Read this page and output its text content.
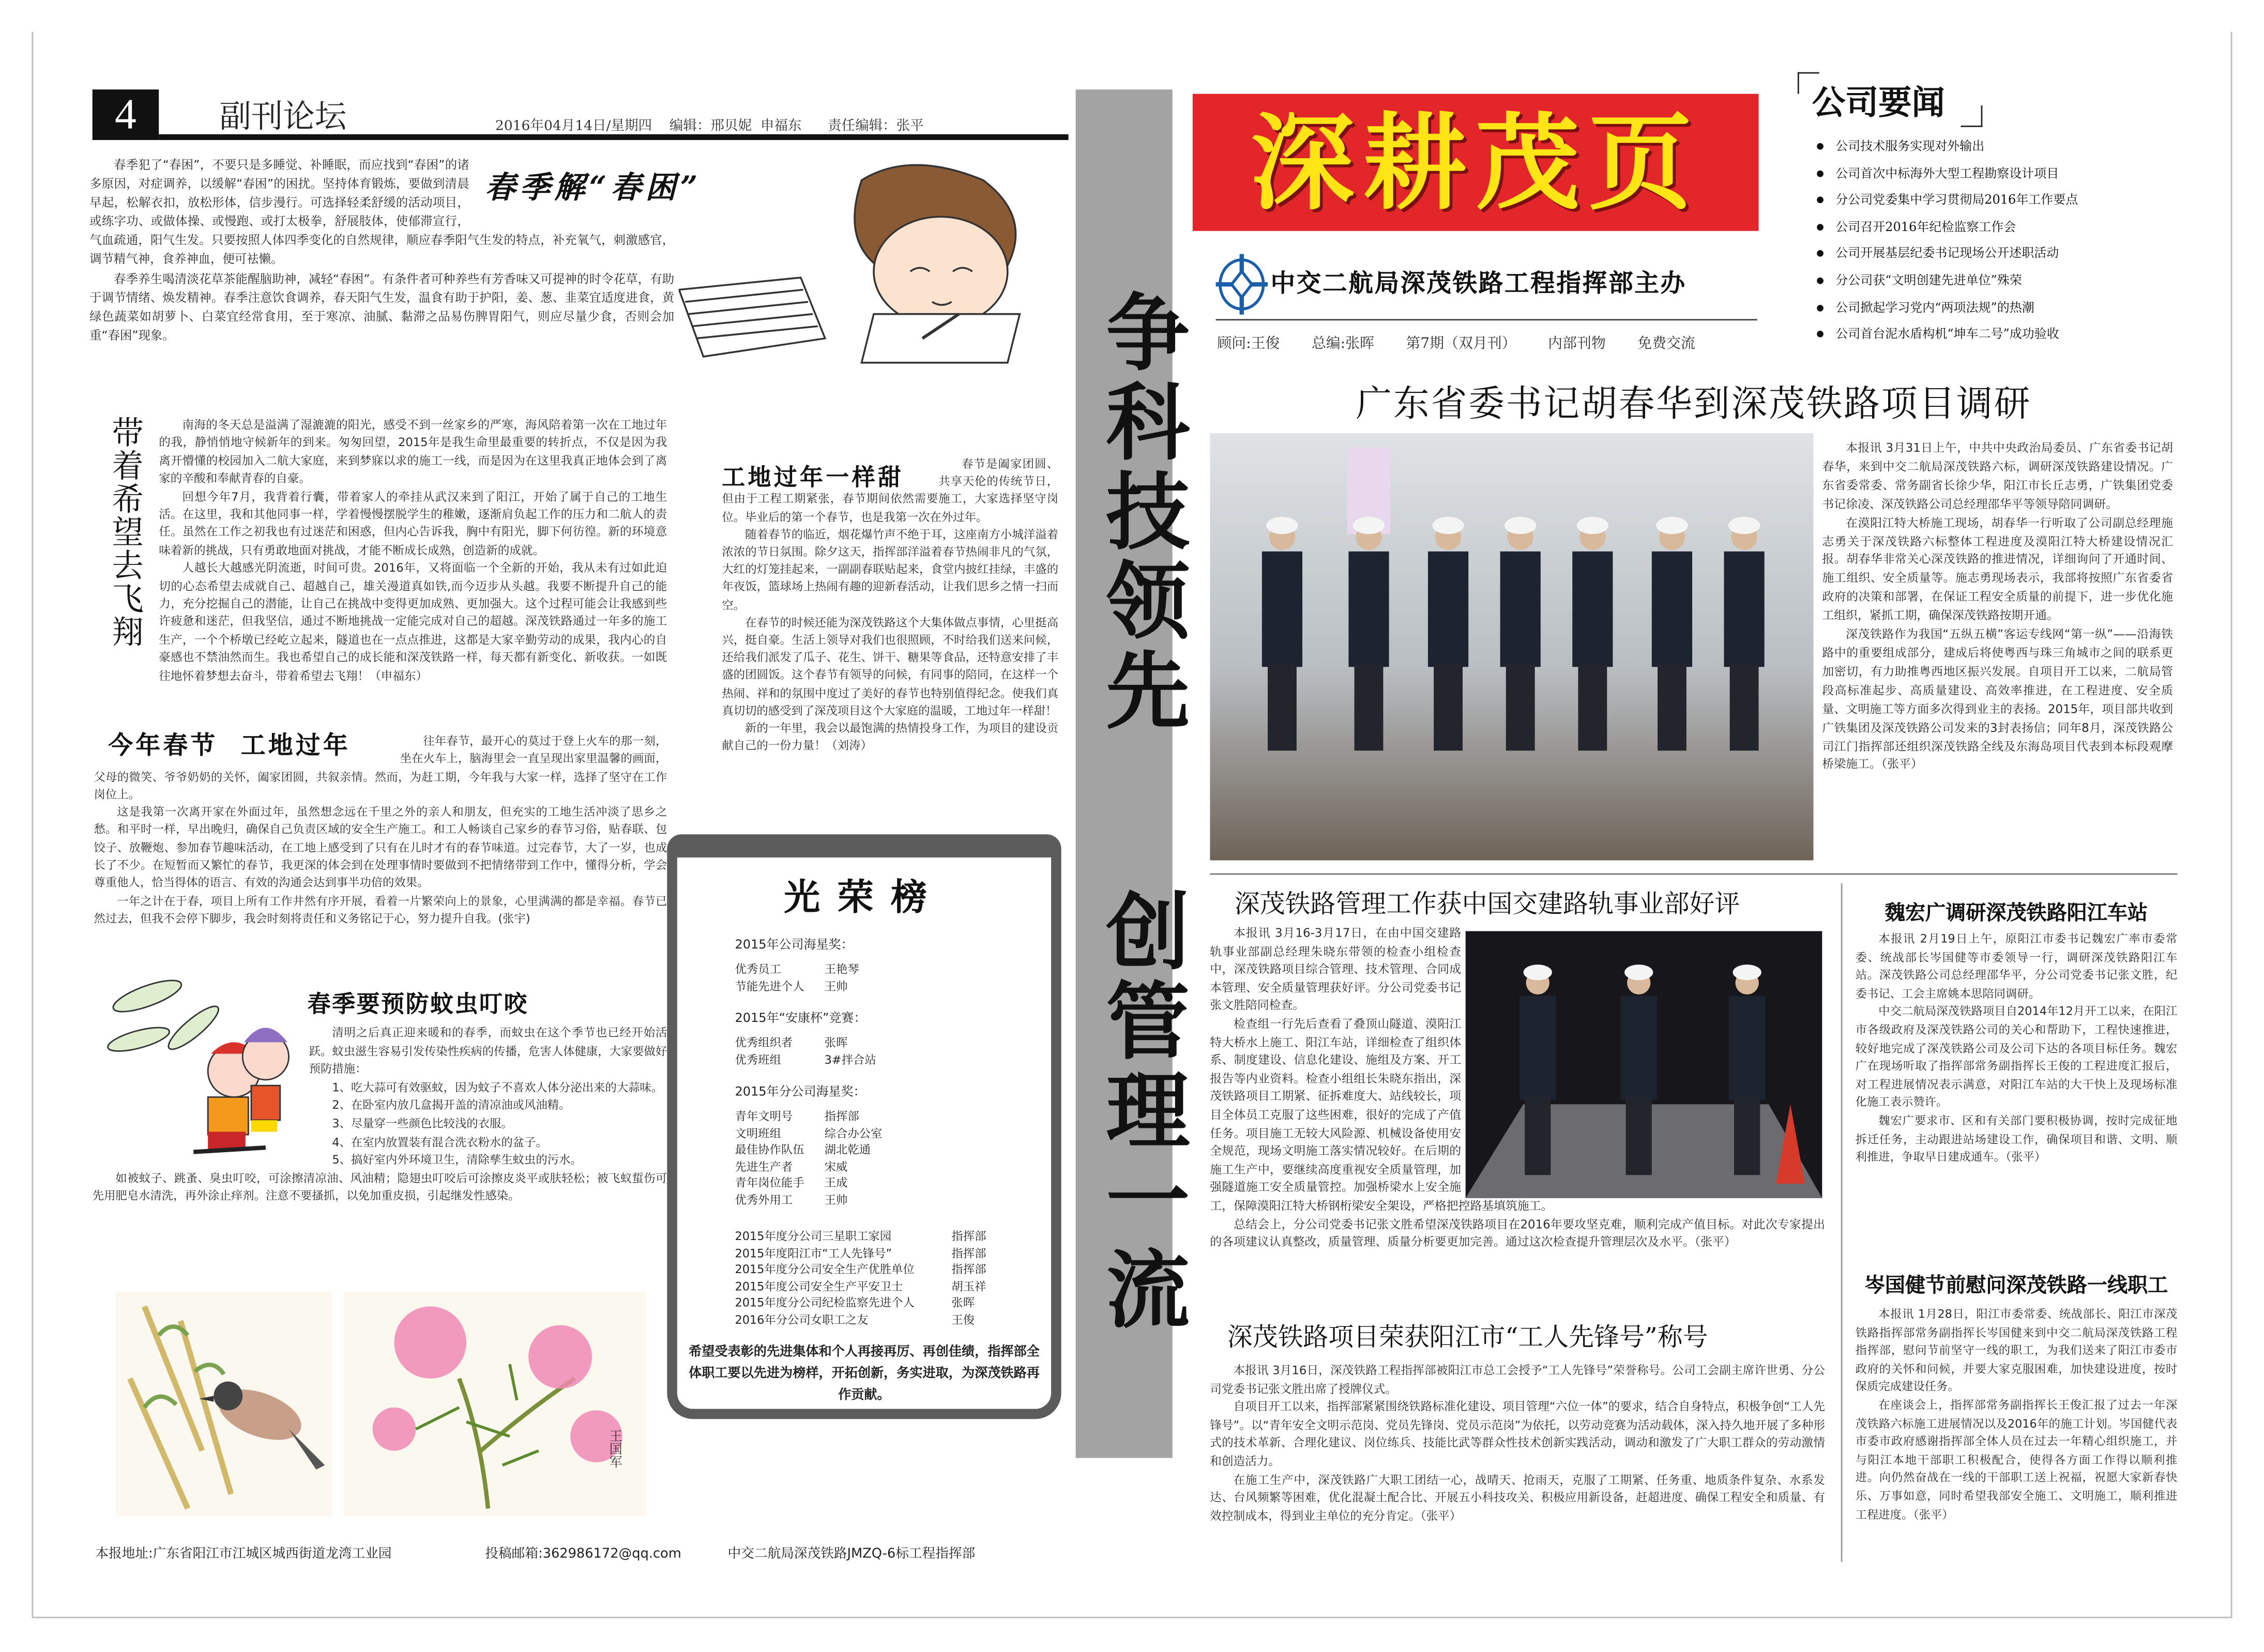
4	副刊论坛	2016年04月14日/星期四    编辑：邢贝妮  申福东      责任编辑：张平

春季犯了“春困”，不要只是多睡觉、补睡眠，而应找到“春困”的诸多原因，对症调养，以缓解“春困”的困扰。坚持体育锻炼，要做到清晨早起，松解衣扣，放松形体，信步漫行。可选择轻柔舒缓的活动项目，或练字功、或做体操、或慢跑、或打太极拳，舒展肢体，使郁滞宣行，气血疏通，阳气生发。只要按照人体四季变化的自然规律，顺应春季阳气生发的特点，补充氧气，刺激感官，调节精气神，食养神血，便可袪懒。

春季养生喝清淡花草茶能醒脑助神，减轻“春困”。有条件者可种养些有芳香味又可提神的时令花草，有助于调节情绪、焕发精神。春季注意饮食调养，春天阳气生发，温食有助于护阳，姜、葱、韭菜宜适度进食，黄绿色蔬菜如胡萝卜、白菜宜经常食用，至于寒凉、油腻、黏滞之品易伤脾胃阳气，则应尽量少食，否则会加重“春困”现象。

春季解“春困”
带着希望去飞翔	南海的冬天总是溢满了湿漉漉的阳光，感受不到一丝家乡的严寒，海风陪着第一次在工地过年的我，静悄悄地守候新年的到来。匆匆回望，2015年是我生命里最重要的转折点，不仅是因为我离开懵懂的校园加入二航大家庭，来到梦寐以求的施工一线，而是因为在这里我真正地体会到了离家的辛酸和奉献青春的自豪。

回想今年7月，我背着行囊，带着家人的牵挂从武汉来到了阳江，开始了属于自己的工地生活。在这里，我和其他同事一样，学着慢慢摆脱学生的稚嫩，逐渐肩负起工作的压力和二航人的责任。虽然在工作之初我也有过迷茫和困惑，但内心告诉我，胸中有阳光，脚下何彷徨。新的环境意味着新的挑战，只有勇敢地面对挑战，才能不断成长成熟，创造新的成就。

人越长大越感光阴流逝，时间可贵。2016年，又将面临一个全新的开始，我从未有过如此迫切的心态希望去成就自己、超越自己，雄关漫道真如铁,而今迈步从头越。我要不断提升自己的能力，充分挖掘自己的潜能，让自己在挑战中变得更加成熟、更加强大。这个过程可能会让我感到些许疲惫和迷茫，但我坚信，通过不断地挑战一定能完成对自己的超越。深茂铁路通过一年多的施工生产，一个个桥墩已经屹立起来，隧道也在一点点推进，这都是大家辛勤劳动的成果，我内心的自豪感也不禁油然而生。我也希望自己的成长能和深茂铁路一样，每天都有新变化、新收获。一如既往地怀着梦想去奋斗，带着希望去飞翔！（申福东）

春节是阖家团圆、共享天伦的传统节日，但由于工程工期紧张，春节期间依然需要施工，大家选择坚守岗位。毕业后的第一个春节，也是我第一次在外过年。

随着春节的临近，烟花爆竹声不绝于耳，这座南方小城洋溢着浓浓的节日氛围。除夕这天，指挥部洋溢着春节热闹非凡的气氛，大红的灯笼挂起来，一副副春联贴起来，食堂内披红挂绿，丰盛的年夜饭，篮球场上热闹有趣的迎新春活动，让我们思乡之情一扫而空。

在春节的时候还能为深茂铁路这个大集体做点事情，心里挺高兴，挺自豪。生活上领导对我们也很照顾，不时给我们送来问候，还给我们派发了瓜子、花生、饼干、糖果等食品，还特意安排了丰盛的团圆饭。这个春节有领导的问候，有同事的陪同，在这样一个热闹、祥和的氛围中度过了美好的春节也特别值得纪念。使我们真真切切的感受到了深茂项目这个大家庭的温暖，工地过年一样甜！

新的一年里，我会以最饱满的热情投身工作，为项目的建设贡献自己的一份力量！（刘涛）

工地过年一样甜

往年春节，最开心的莫过于登上火车的那一刻，坐在火车上，脑海里会一直呈现出家里温馨的画面，父母的微笑、爷爷奶奶的关怀，阖家团圆，共叙亲情。然而，为赶工期，今年我与大家一样，选择了坚守在工作岗位上。

这是我第一次离开家在外面过年，虽然想念远在千里之外的亲人和朋友，但充实的工地生活冲淡了思乡之愁。和平时一样，早出晚归，确保自己负责区域的安全生产施工。和工人畅谈自己家乡的春节习俗，贴春联、包饺子、放鞭炮、参加春节趣味活动，在工地上感受到了只有在儿时才有的春节味道。过完春节，大了一岁，也成长了不少。在短暂而又繁忙的春节，我更深的体会到在处理事情时要做到不把情绪带到工作中，懂得分析，学会尊重他人，恰当得体的语言、有效的沟通会达到事半功倍的效果。

一年之计在于春，项目上所有工作井然有序开展，看着一片繁荣向上的景象，心里满满的都是幸福。春节已然过去，但我不会停下脚步，我会时刻将责任和义务铭记于心，努力提升自我。(张宇)

今年春节  工地过年
春季要预防蚊虫叮咬

清明之后真正迎来暖和的春季，而蚊虫在这个季节也已经开始活跃。蚊虫滋生容易引发传染性疾病的传播，危害人体健康，大家要做好预防措施：

1、吃大蒜可有效驱蚊，因为蚊子不喜欢人体分泌出来的大蒜味。

2、在卧室内放几盒揭开盖的清凉油或风油精。

3、尽量穿一些颜色比较浅的衣服。

4、在室内放置装有混合洗衣粉水的盆子。

5、搞好室内外环境卫生，清除孳生蚊虫的污水。

如被蚊子、跳蚤、臭虫叮咬，可涂擦清凉油、风油精；隐翅虫叮咬后可涂擦皮炎平或肤轻松；被飞蚁蜇伤可先用肥皂水清洗，再外涂止痒剂。注意不要搔抓，以免加重皮损，引起继发性感染。

光荣榜
2015年公司海星奖：
优秀员工	王艳琴
节能先进个人	王帅
2015年“安康杯”竞赛：
优秀组织者	张晖
优秀班组	3#拌合站
2015年分公司海星奖：
青年文明号	指挥部
文明班组	综合办公室
最佳协作队伍	湖北乾通
先进生产者	宋威
青年岗位能手	王成
优秀外用工	王帅
2015年度分公司三星职工家园	指挥部
2015年度阳江市“工人先锋号”	指挥部
2015年度分公司安全生产优胜单位	指挥部
2015年度公司安全生产平安卫士	胡玉祥
2015年度分公司纪检监察先进个人	张晖
2016年分公司女职工之友	王俊
希望受表彰的先进集体和个人再接再厉、再创佳绩，指挥部全体职工要以先进为榜样，开拓创新，务实进取，为深茂铁路再作贡献。
王国军
本报地址:广东省阳江市江城区城西街道龙湾工业园	投稿邮箱:362986172@qq.com	中交二航局深茂铁路JMZQ-6标工程指挥部
争科技领先
创管理一流
深耕茂页	公司要闻
● 公司技术服务实现对外输出
● 公司首次中标海外大型工程勘察设计项目
● 分公司党委集中学习贯彻局2016年工作要点
● 公司召开2016年纪检监察工作会
● 公司开展基层纪委书记现场公开述职活动
● 分公司获“文明创建先进单位”殊荣
● 公司掀起学习党内“两项法规”的热潮
● 公司首台泥水盾构机“坤车二号”成功验收
中交二航局深茂铁路工程指挥部主办
顾问:王俊	总编:张晖	第7期（双月刊）	内部刊物	免费交流
广东省委书记胡春华到深茂铁路项目调研

本报讯 3月31日上午，中共中央政治局委员、广东省委书记胡春华，来到中交二航局深茂铁路六标，调研深茂铁路建设情况。广东省委常委、常务副省长徐少华，阳江市长丘志勇，广铁集团党委书记徐凌、深茂铁路公司总经理邵华平等领导陪同调研。

在漠阳江特大桥施工现场，胡春华一行听取了公司副总经理施志勇关于深茂铁路六标整体工程进度及漠阳江特大桥建设情况汇报。胡春华非常关心深茂铁路的推进情况，详细询问了开通时间、施工组织、安全质量等。施志勇现场表示，我部将按照广东省委省政府的决策和部署，在保证工程安全质量的前提下，进一步优化施工组织，紧抓工期，确保深茂铁路按期开通。

深茂铁路作为我国“五纵五横”客运专线网“第一纵”——沿海铁路中的重要组成部分，建成后将使粤西与珠三角城市之间的联系更加密切，有力助推粤西地区振兴发展。自项目开工以来，二航局管段高标准起步、高质量建设、高效率推进，在工程进度、安全质量、文明施工等方面多次得到业主的表扬。2015年，项目部共收到广铁集团及深茂铁路公司发来的3封表扬信；同年8月，深茂铁路公司江门指挥部还组织深茂铁路全线及东海岛项目代表到本标段观摩桥梁施工。（张平）

深茂铁路管理工作获中国交建路轨事业部好评

本报讯 3月16-3月17日，在由中国交建路轨事业部副总经理朱晓东带领的检查小组检查中，深茂铁路项目综合管理、技术管理、合同成本管理、安全质量管理获好评。分公司党委书记张文胜陪同检查。

检查组一行先后查看了叠顶山隧道、漠阳江特大桥水上施工、阳江车站，详细检查了组织体系、制度建设、信息化建设、施组及方案、开工报告等内业资料。检查小组组长朱晓东指出，深茂铁路项目工期紧、征拆难度大、站线较长，项目全体员工克服了这些困难，很好的完成了产值任务。项目施工无较大风险源、机械设备使用安全规范，现场文明施工落实情况较好。在后期的施工生产中，要继续高度重视安全质量管理，加强隧道施工安全质量管控。加强桥梁水上安全施工，保障漠阳江特大桥钢桁梁安全架设，严格把控路基填筑施工。

总结会上，分公司党委书记张文胜希望深茂铁路项目在2016年要攻坚克难，顺利完成产值目标。对此次专家提出的各项建议认真整改，质量管理、质量分析要更加完善。通过这次检查提升管理层次及水平。（张平）

深茂铁路项目荣获阳江市“工人先锋号”称号

本报讯 3月16日，深茂铁路工程指挥部被阳江市总工会授予“工人先锋号”荣誉称号。公司工会副主席许世勇、分公司党委书记张文胜出席了授牌仪式。

自项目开工以来，指挥部紧紧围绕铁路标准化建设、项目管理“六位一体”的要求，结合自身特点，积极争创“工人先锋号”。以“青年安全文明示范岗、党员先锋岗、党员示范岗”为依托，以劳动竞赛为活动载体，深入持久地开展了多种形式的技术革新、合理化建议、岗位练兵、技能比武等群众性技术创新实践活动，调动和激发了广大职工群众的劳动激情和创造活力。

在施工生产中，深茂铁路广大职工团结一心，战晴天、抢雨天，克服了工期紧、任务重、地质条件复杂、水系发达、台风频繁等困难，优化混凝土配合比、开展五小科技攻关、积极应用新设备，赶超进度、确保工程安全和质量、有效控制成本，得到业主单位的充分肯定。（张平）

魏宏广调研深茂铁路阳江车站

本报讯 2月19日上午，原阳江市委书记魏宏广率市委常委、统战部长岑国健等市委领导一行，调研深茂铁路阳江车站。深茂铁路公司总经理邵华平，分公司党委书记张文胜，纪委书记、工会主席姚本思陪同调研。

中交二航局深茂铁路项目自2014年12月开工以来，在阳江市各级政府及深茂铁路公司的关心和帮助下，工程快速推进，较好地完成了深茂铁路公司及公司下达的各项目标任务。魏宏广在现场听取了指挥部常务副指挥长王俊的工程进度汇报后，对工程进展情况表示满意，对阳江车站的大干快上及现场标准化施工表示赞许。

魏宏广要求市、区和有关部门要积极协调，按时完成征地拆迁任务，主动跟进站场建设工作，确保项目和谐、文明、顺利推进，争取早日建成通车。（张平）

岑国健节前慰问深茂铁路一线职工

本报讯 1月28日，阳江市委常委、统战部长、阳江市深茂铁路指挥部常务副指挥长岑国健来到中交二航局深茂铁路工程指挥部，慰问节前坚守一线的职工，为我们送来了阳江市委市政府的关怀和问候，并要大家克服困难，加快建设进度，按时保质完成建设任务。

在座谈会上，指挥部常务副指挥长王俊汇报了过去一年深茂铁路六标施工进展情况以及2016年的施工计划。岑国健代表市委市政府感谢指挥部全体人员在过去一年精心组织施工，并与阳江本地干部职工积极配合，使得各方面工作得以顺利推进。向仍然奋战在一线的干部职工送上祝福，祝愿大家新春快乐、万事如意，同时希望我部安全施工、文明施工，顺利推进工程进度。（张平）
